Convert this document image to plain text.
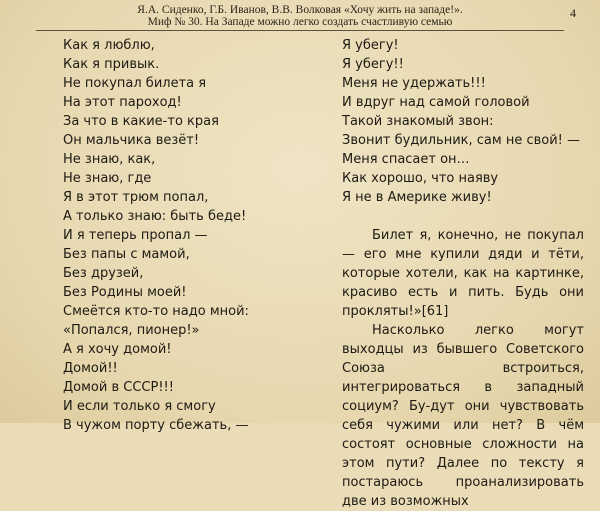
Я.А. Сиденко, Г.Б. Иванов, В.В. Волковая «Хочу жить на западе!».
Миф № 30. На Западе можно легко создать счастливую семью
4
Как я люблю,
Как я привык.
Не покупал билета я
На этот пароход!
За что в какие-то края
Он мальчика везёт!
Не знаю, как,
Не знаю, где
Я в этот трюм попал,
А только знаю: быть беде!
И я теперь пропал —
Без папы с мамой,
Без друзей,
Без Родины моей!
Смеётся кто-то надо мной:
«Попался, пионер!»
А я хочу домой!
Домой!!
Домой в СССР!!!
И если только я смогу
В чужом порту сбежать, —
Я убегу!
Я убегу!!
Меня не удержать!!!
И вдруг над самой головой
Такой знакомый звон:
Звонит будильник, сам не свой! —
Меня спасает он…
Как хорошо, что наяву
Я не в Америке живу!

Билет я, конечно, не покупал — его мне купили дяди и тёти, которые хотели, как на картинке, красиво есть и пить. Будь они прокляты!»[61]

Насколько легко могут выходцы из бывшего Советского Союза встроиться, интегрироваться в западный социум? Бу-дут они чувствовать себя чужими или нет? В чём состоят основные сложности на этом пути? Далее по тексту я постараюсь проанализировать две из возможных
